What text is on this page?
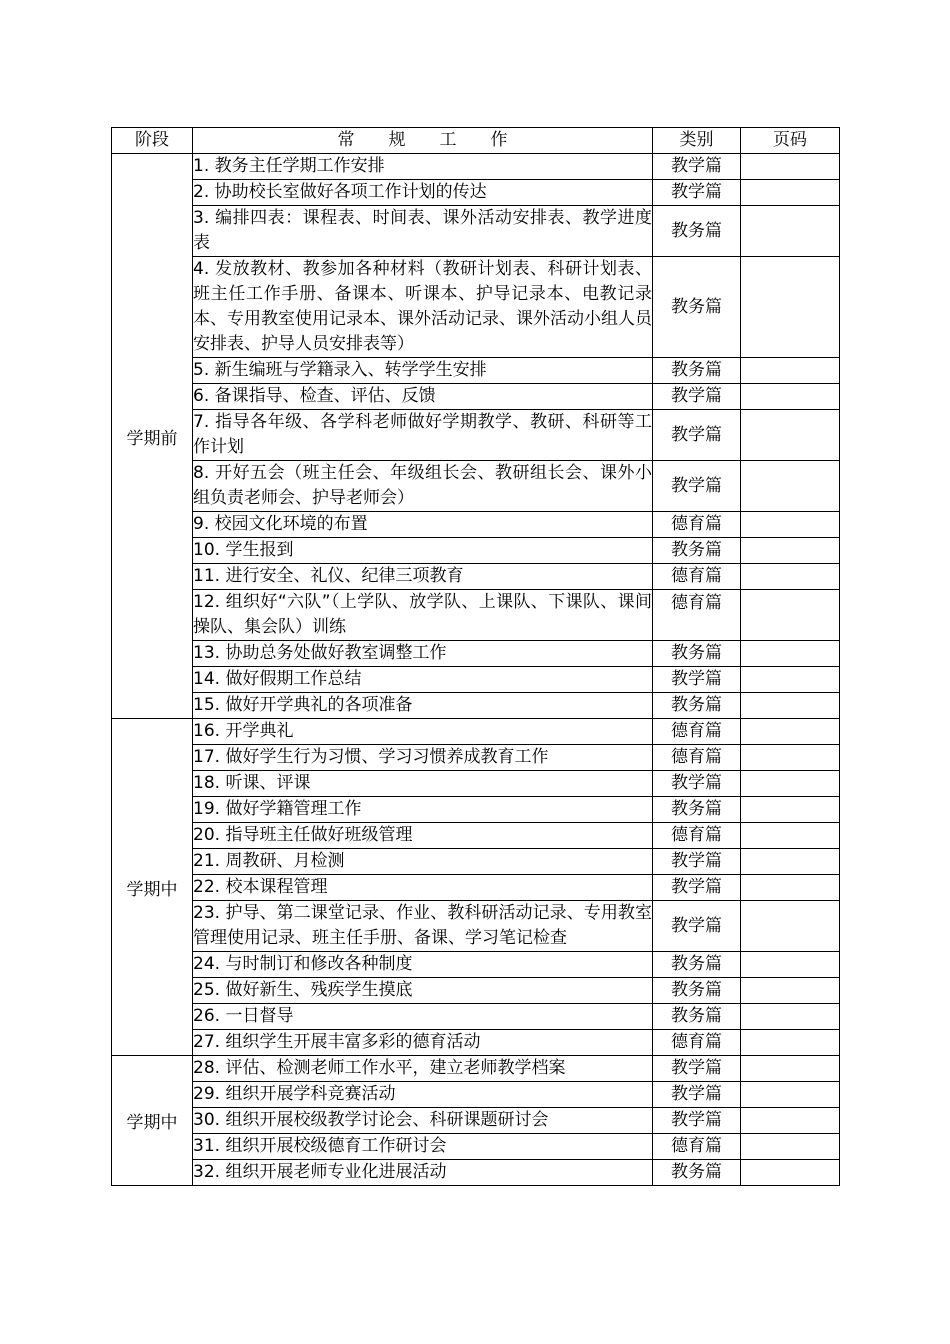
阶段	常规工作	类别	页码
学期前	1. 教务主任学期工作安排	教学篇	
	2. 协助校长室做好各项工作计划的传达	教学篇	
	3. 编排四表：课程表、时间表、课外活动安排表、教学进度表	教务篇	
	4. 发放教材、教参加各种材料（教研计划表、科研计划表、班主任工作手册、备课本、听课本、护导记录本、电教记录本、专用教室使用记录本、课外活动记录、课外活动小组人员安排表、护导人员安排表等）	教务篇	
	5. 新生编班与学籍录入、转学学生安排	教务篇	
	6. 备课指导、检查、评估、反馈	教学篇	
	7. 指导各年级、各学科老师做好学期教学、教研、科研等工作计划	教学篇	
	8. 开好五会（班主任会、年级组长会、教研组长会、课外小组负责老师会、护导老师会）	教学篇	
	9. 校园文化环境的布置	德育篇	
	10. 学生报到	教务篇	
	11. 进行安全、礼仪、纪律三项教育	德育篇	
	12. 组织好“六队”（上学队、放学队、上课队、下课队、课间操队、集会队）训练	德育篇	
	13. 协助总务处做好教室调整工作	教务篇	
	14. 做好假期工作总结	教学篇	
	15. 做好开学典礼的各项准备	教务篇	
学期中	16. 开学典礼	德育篇	
	17. 做好学生行为习惯、学习习惯养成教育工作	德育篇	
	18. 听课、评课	教学篇	
	19. 做好学籍管理工作	教务篇	
	20. 指导班主任做好班级管理	德育篇	
	21. 周教研、月检测	教学篇	
	22. 校本课程管理	教学篇	
	23. 护导、第二课堂记录、作业、教科研活动记录、专用教室管理使用记录、班主任手册、备课、学习笔记检查	教学篇	
	24. 与时制订和修改各种制度	教务篇	
	25. 做好新生、残疾学生摸底	教务篇	
	26. 一日督导	教务篇	
	27. 组织学生开展丰富多彩的德育活动	德育篇	
学期中	28. 评估、检测老师工作水平，建立老师教学档案	教学篇	
	29. 组织开展学科竞赛活动	教学篇	
	30. 组织开展校级教学讨论会、科研课题研讨会	教学篇	
	31. 组织开展校级德育工作研讨会	德育篇	
	32. 组织开展老师专业化进展活动	教务篇	
